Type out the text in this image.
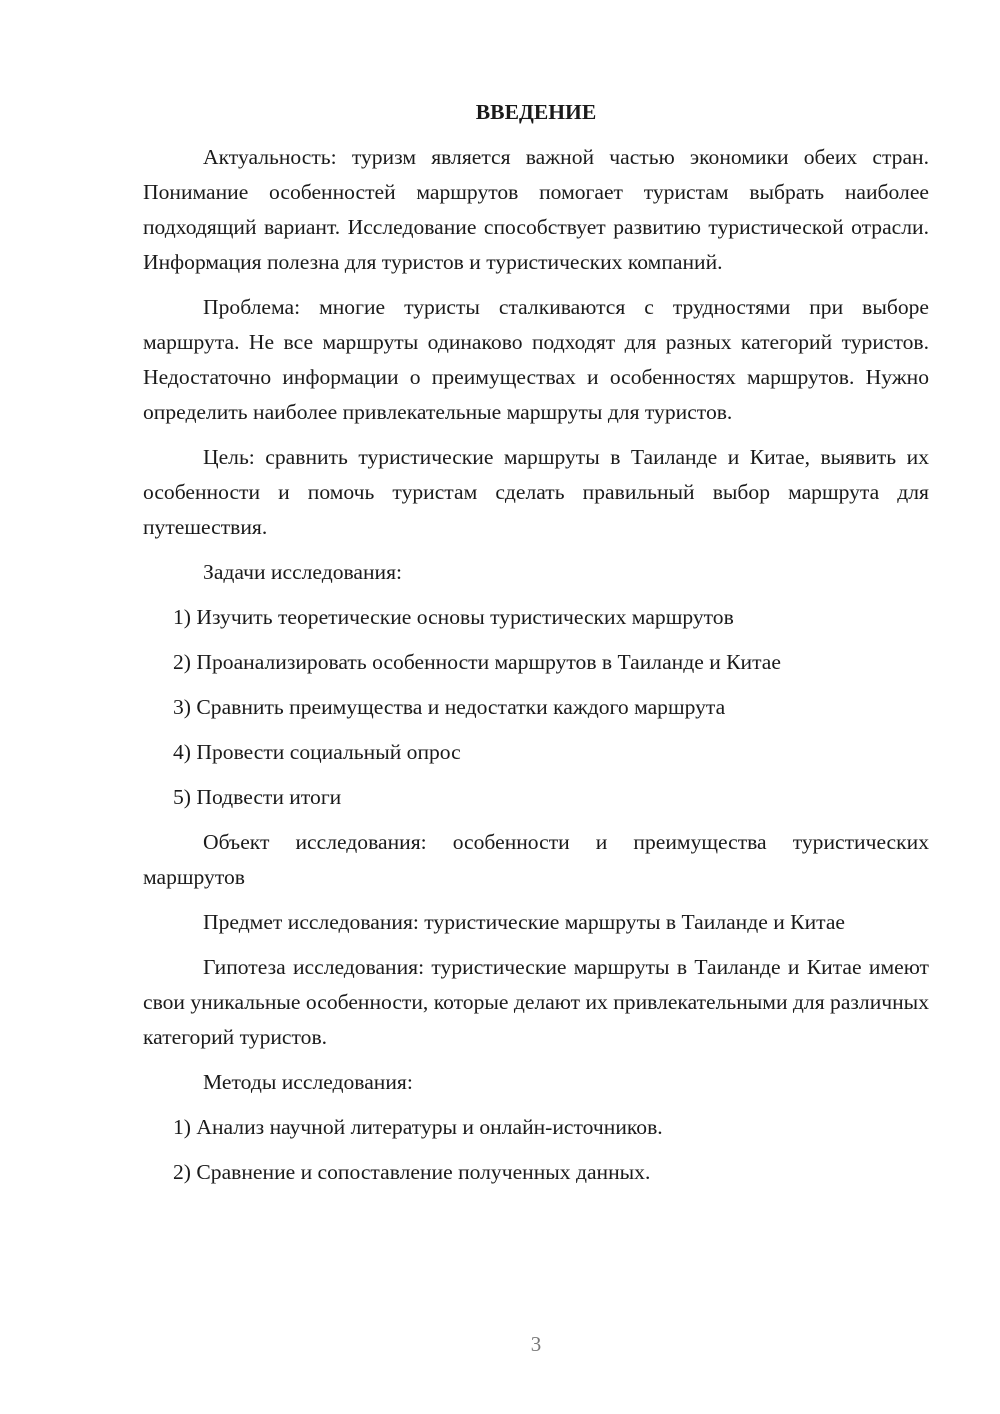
ВВЕДЕНИЕ
Актуальность: туризм является важной частью экономики обеих стран. Понимание особенностей маршрутов помогает туристам выбрать наиболее подходящий вариант. Исследование способствует развитию туристической отрасли. Информация полезна для туристов и туристических компаний.
Проблема: многие туристы сталкиваются с трудностями при выборе маршрута. Не все маршруты одинаково подходят для разных категорий туристов. Недостаточно информации о преимуществах и особенностях маршрутов. Нужно определить наиболее привлекательные маршруты для туристов.
Цель: сравнить туристические маршруты в Таиланде и Китае, выявить их особенности и помочь туристам сделать правильный выбор маршрута для путешествия.
Задачи исследования:
1) Изучить теоретические основы туристических маршрутов
2) Проанализировать особенности маршрутов в Таиланде и Китае
3) Сравнить преимущества и недостатки каждого маршрута
4) Провести социальный опрос
5) Подвести итоги
Объект исследования: особенности и преимущества туристических маршрутов
Предмет исследования: туристические маршруты в Таиланде и Китае
Гипотеза исследования: туристические маршруты в Таиланде и Китае имеют свои уникальные особенности, которые делают их привлекательными для различных категорий туристов.
Методы исследования:
1) Анализ научной литературы и онлайн-источников.
2) Сравнение и сопоставление полученных данных.
3
